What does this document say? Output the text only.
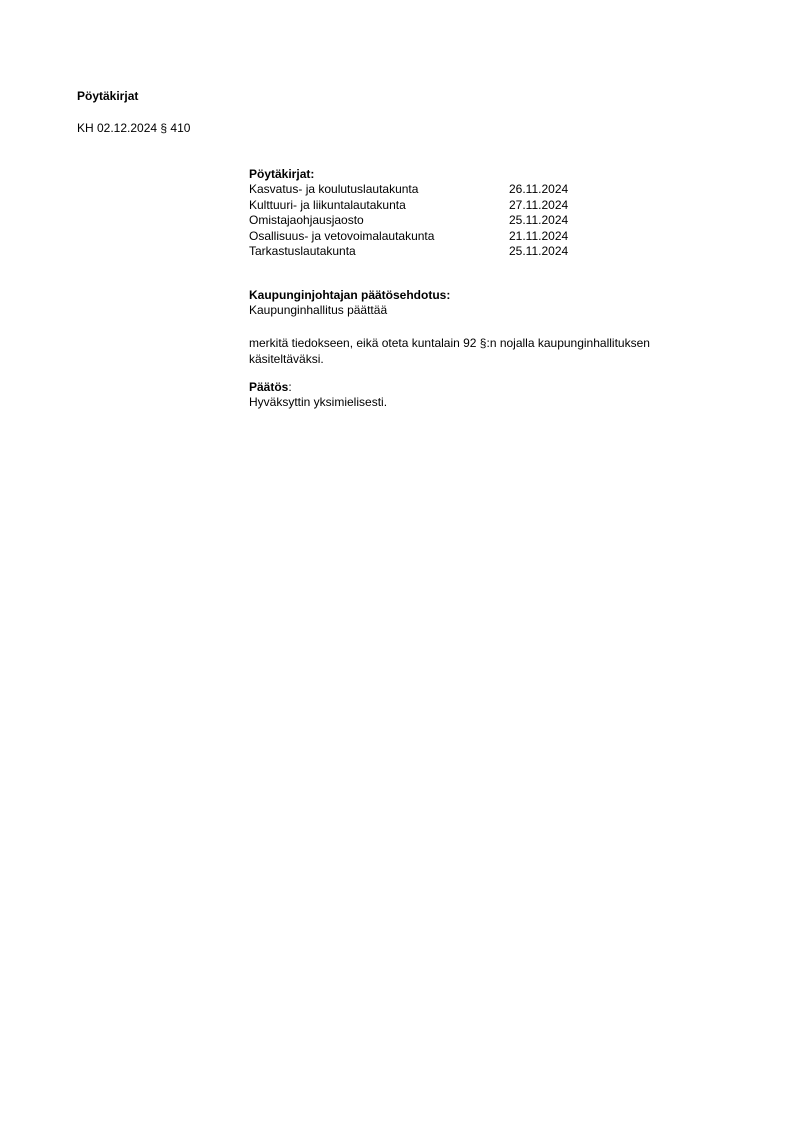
Pöytäkirjat
KH 02.12.2024 § 410
Pöytäkirjat:
Kasvatus- ja koulutuslautakunta	26.11.2024
Kulttuuri- ja liikuntalautakunta	27.11.2024
Omistajaohjausjaosto	25.11.2024
Osallisuus- ja vetovoimalautakunta	21.11.2024
Tarkastuslautakunta	25.11.2024
Kaupunginjohtajan päätösehdotus:
Kaupunginhallitus päättää
merkitä tiedokseen, eikä oteta kuntalain 92 §:n nojalla kaupunginhallituksen käsiteltäväksi.
Päätös:
Hyväksyttin yksimielisesti.
